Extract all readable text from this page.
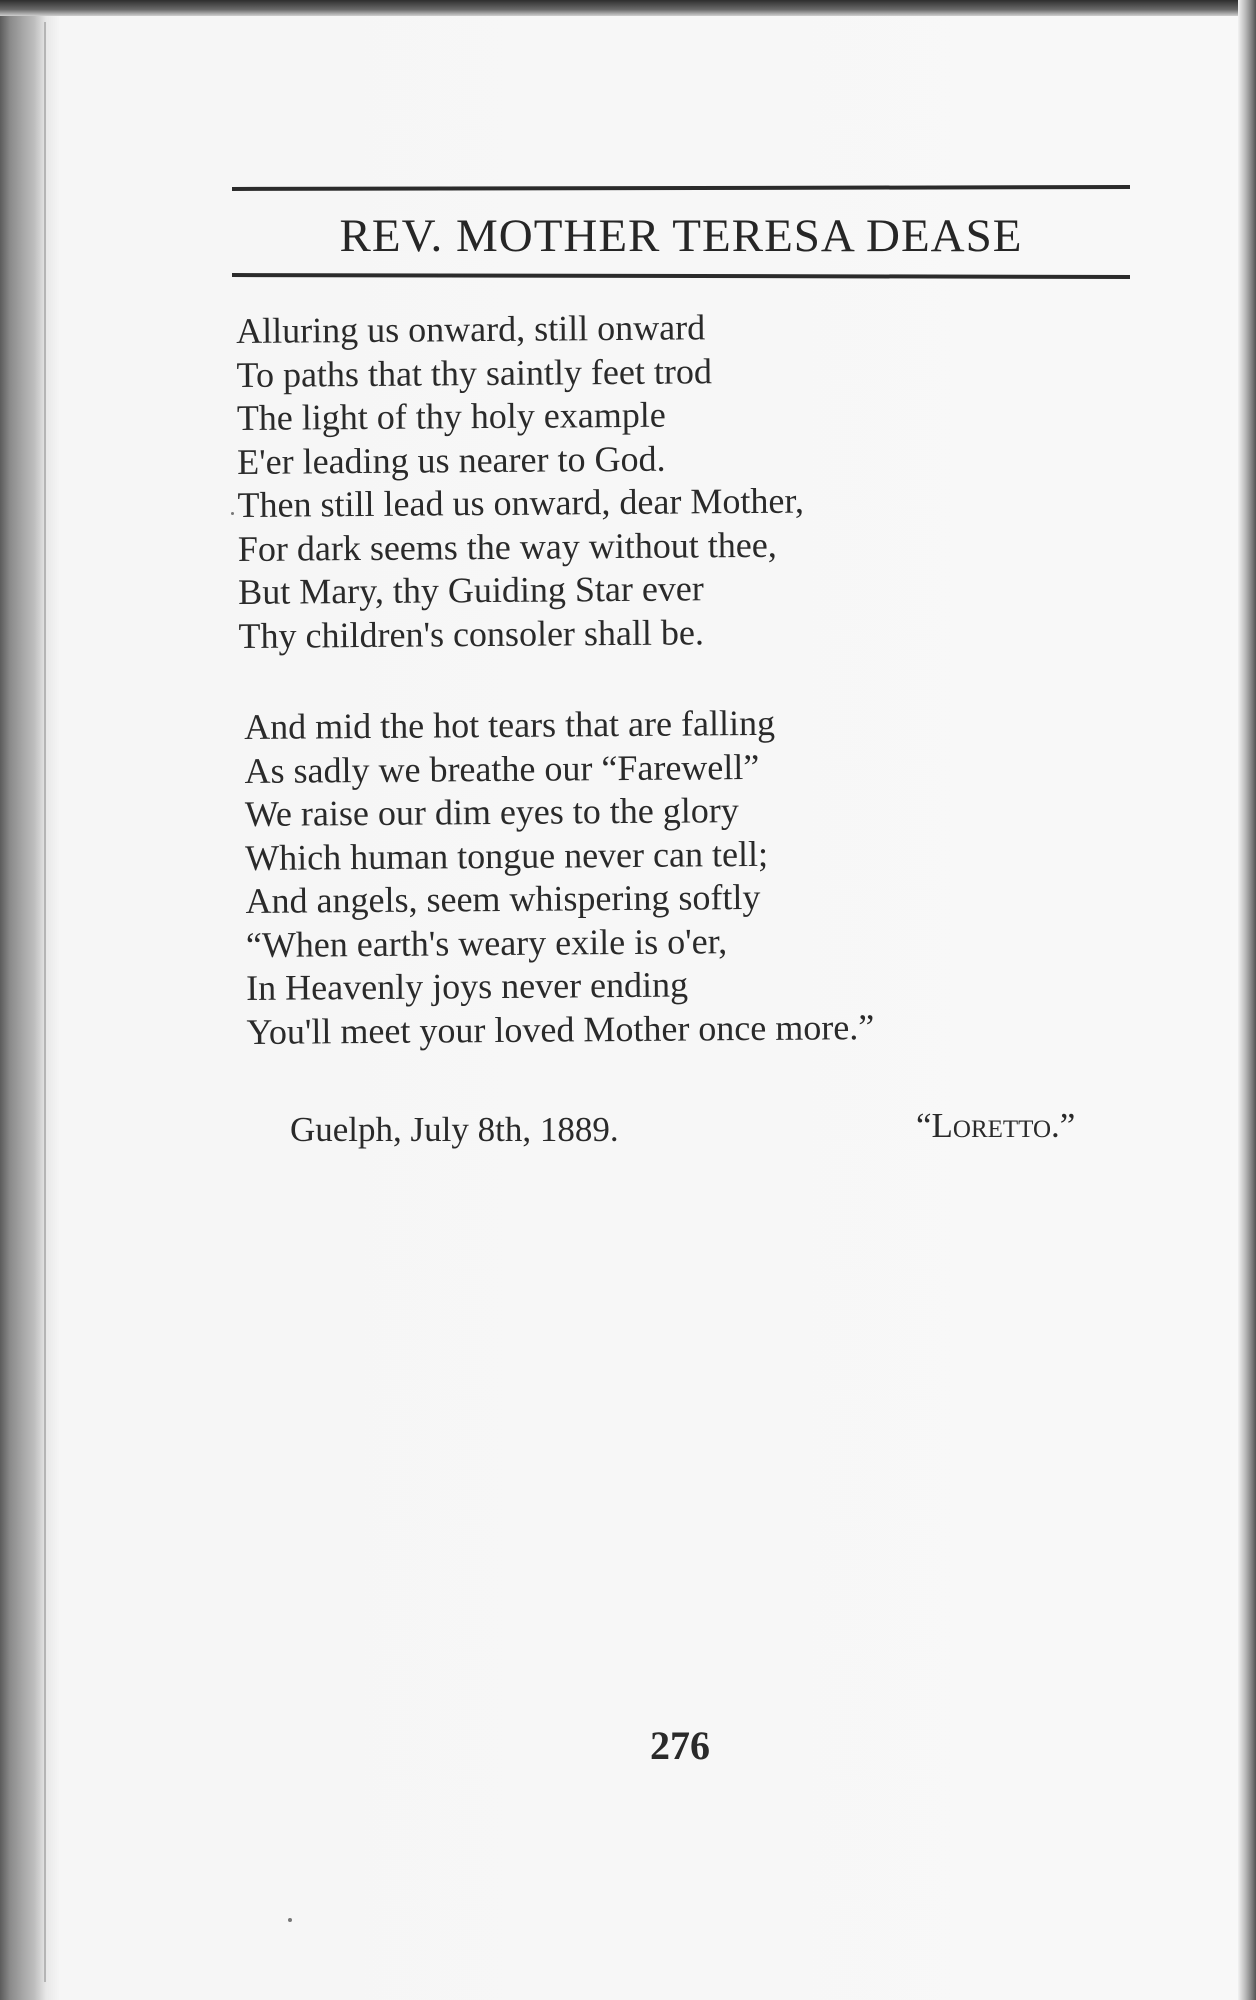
REV. MOTHER TERESA DEASE
Alluring us onward, still onward
To paths that thy saintly feet trod
The light of thy holy example
E'er leading us nearer to God.
Then still lead us onward, dear Mother,
For dark seems the way without thee,
But Mary, thy Guiding Star ever
Thy children's consoler shall be.
And mid the hot tears that are falling
As sadly we breathe our “Farewell”
We raise our dim eyes to the glory
Which human tongue never can tell;
And angels, seem whispering softly
“When earth's weary exile is o'er,
In Heavenly joys never ending
You'll meet your loved Mother once more.”
Guelph, July 8th, 1889.	“Loretto.”
276
